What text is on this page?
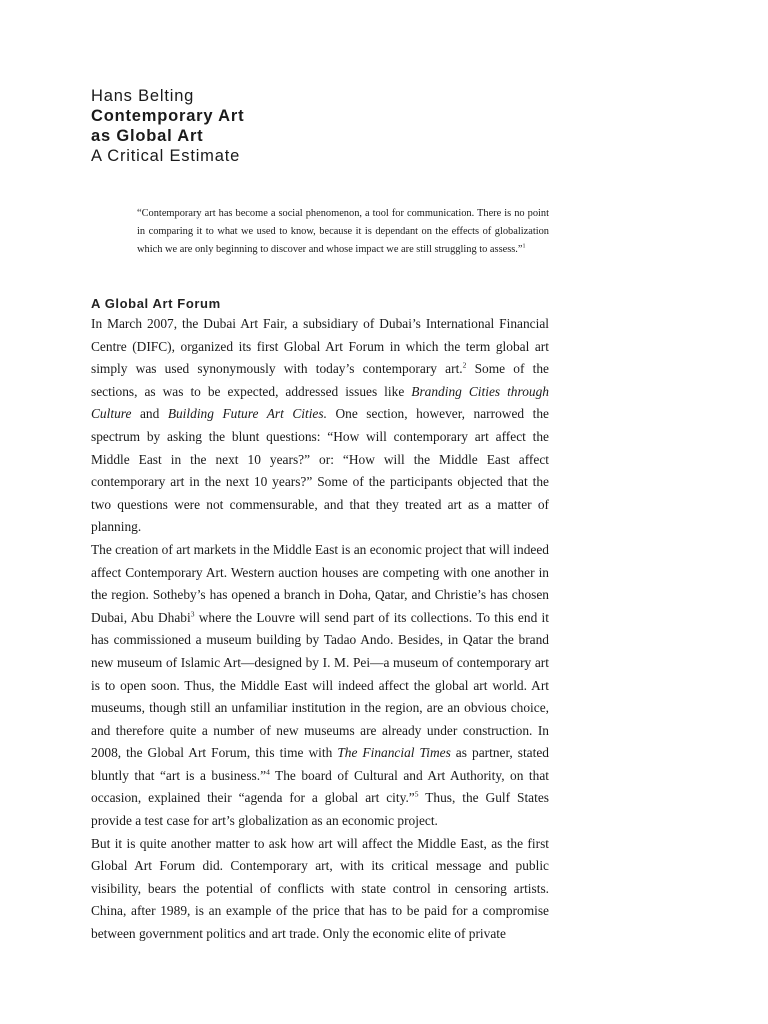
Hans Belting
Contemporary Art
as Global Art
A Critical Estimate
“Contemporary art has become a social phenomenon, a tool for communication. There is no point in comparing it to what we used to know, because it is dependant on the effects of globalization which we are only beginning to discover and whose impact we are still struggling to assess.”$^1$
A Global Art Forum

In March 2007, the Dubai Art Fair, a subsidiary of Dubai’s International Financial Centre (DIFC), organized its first Global Art Forum in which the term global art simply was used synonymously with today’s contemporary art.$^2$ Some of the sections, as was to be expected, addressed issues like Branding Cities through Culture and Building Future Art Cities. One section, however, narrowed the spectrum by asking the blunt questions: “How will contemporary art affect the Middle East in the next 10 years?” or: “How will the Middle East affect contemporary art in the next 10 years?” Some of the participants objected that the two questions were not commensurable, and that they treated art as a matter of planning.

The creation of art markets in the Middle East is an economic project that will indeed affect Contemporary Art. Western auction houses are competing with one another in the region. Sotheby’s has opened a branch in Doha, Qatar, and Christie’s has chosen Dubai, Abu Dhabi$^3$ where the Louvre will send part of its collections. To this end it has commissioned a museum building by Tadao Ando. Besides, in Qatar the brand new museum of Islamic Art—designed by I. M. Pei—a museum of contemporary art is to open soon. Thus, the Middle East will indeed affect the global art world. Art museums, though still an unfamiliar institution in the region, are an obvious choice, and therefore quite a number of new museums are already under construction. In 2008, the Global Art Forum, this time with The Financial Times as partner, stated bluntly that “art is a business.”$^4$ The board of Cultural and Art Authority, on that occasion, explained their “agenda for a global art city.”$^5$ Thus, the Gulf States provide a test case for art’s globalization as an economic project.

But it is quite another matter to ask how art will affect the Middle East, as the first Global Art Forum did. Contemporary art, with its critical message and public visibility, bears the potential of conflicts with state control in censoring artists. China, after 1989, is an example of the price that has to be paid for a compromise between government politics and art trade. Only the economic elite of private
